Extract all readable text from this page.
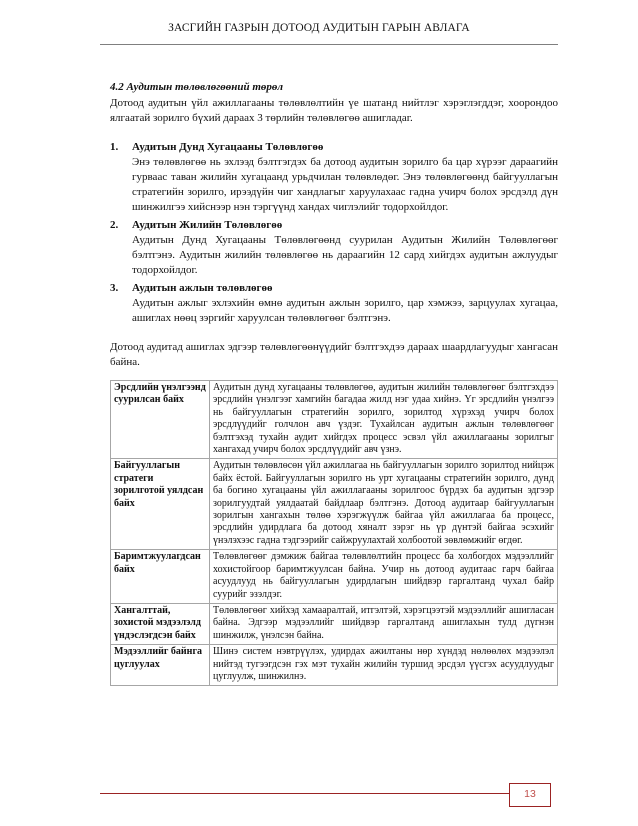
ЗАСГИЙН ГАЗРЫН ДОТООД АУДИТЫН ГАРЫН АВЛАГА
4.2 Аудитын төлөвлөгөөний төрөл

Дотоод аудитын үйл ажиллагааны төлөвлөлтийн үе шатанд нийтлэг хэрэглэгддэг, хоорондоо ялгаатай зорилго бүхий дараах 3 төрлийн төлөвлөгөө ашигладаг.

1.	Аудитын Дунд Хугацааны Төлөвлөгөө

Энэ төлөвлөгөө нь эхлээд бэлтгэгдэх ба дотоод аудитын зорилго ба цар хүрээг дараагийн гурваас таван жилийн хугацаанд урьдчилан төлөвлөдөг. Энэ төлөвлөгөөнд байгууллагын стратегийн зорилго, ирээдүйн чиг хандлагыг харуулахаас гадна учирч болох эрсдэлд дүн шинжилгээ хийснээр нэн тэргүүнд хандах чиглэлийг тодорхойлдог.

2.	Аудитын Жилийн Төлөвлөгөө

Аудитын Дунд Хугацааны Төлөвлөгөөнд суурилан Аудитын Жилийн Төлөвлөгөөг бэлтгэнэ. Аудитын жилийн төлөвлөгөө нь дараагийн 12 сард хийгдэх аудитын ажлуудыг тодорхойлдог.

3.	Аудитын ажлын төлөвлөгөө

Аудитын ажлыг эхлэхийн өмнө аудитын ажлын зорилго, цар хэмжээ, зарцуулах хугацаа, ашиглах нөөц зэргийг харуулсан төлөвлөгөөг бэлтгэнэ.

Дотоод аудитад ашиглах эдгээр төлөвлөгөөнүүдийг бэлтгэхдээ дараах шаардлагуудыг хангасан байна.

Эрсдлийн үнэлгээнд суурилсан байх	Аудитын дунд хугацааны төлөвлөгөө, аудитын жилийн төлөвлөгөөг бэлтгэхдээ эрсдлийн үнэлгээг хамгийн багадаа жилд нэг удаа хийнэ. Үг эрсдлийн үнэлгээ нь байгууллагын стратегийн зорилго, зорилтод хүрэхэд учирч болох эрсдлүүдийг голчлон авч үздэг. Тухайлсан аудитын ажлын төлөвлөгөөг бэлтгэхэд тухайн аудит хийгдэх процесс эсвэл үйл ажиллагааны зорилгыг хангахад учирч болох эрсдлүүдийг авч үзнэ.
Байгууллагын стратеги зорилготой уялдсан байх	Аудитын төлөвлөсөн үйл ажиллагаа нь байгууллагын зорилго зорилтод нийцэж байх ёстой. Байгууллагын зорилго нь урт хугацааны стратегийн зорилго, дунд ба богино хугацааны үйл ажиллагааны зорилгоос бүрдэх ба аудитын эдгээр зорилгуудтай уялдаатай байдлаар бэлтгэнэ. Дотоод аудитаар байгууллагын зорилгын хангахын төлөө хэрэгжүүлж байгаа үйл ажиллагаа ба процесс, эрсдлийн удирдлага ба дотоод хяналт зэрэг нь үр дүнтэй байгаа эсэхийг үнэлэхээс гадна тэдгээрийг сайжруулахтай холбоотой зөвлөмжийг өгдөг.
Баримтжуулагдсан байх	Төлөвлөгөөг дэмжиж байгаа төлөвлөлтийн процесс ба холбогдох мэдээллийг хохистойгоор баримтжуулсан байна. Учир нь дотоод аудитаас гарч байгаа асуудлууд нь байгууллагын удирдлагын шийдвэр гаргалтанд чухал байр суурийг эзэлдэг.
Хангалттай, зохистой мэдээлэлд үндэслэгдсэн байх	Төлөвлөгөөг хийхэд хамааралтай, итгэлтэй, хэрэгцээтэй мэдээллийг ашигласан байна. Эдгээр мэдээллийг шийдвэр гаргалтанд ашиглахын тулд дүгнэн шинжилж, үнэлсэн байна.
Мэдээллийг байнга цуглуулах	Шинэ систем нэвтрүүлэх, удирдах ажилтаны нөр хүндэд нөлөөлөх мэдээлэл нийтэд тугээгдсэн гэх мэт тухайн жилийн туршид эрсдэл үүсгэх асуудлуудыг цуглуулж, шинжилнэ.
13
